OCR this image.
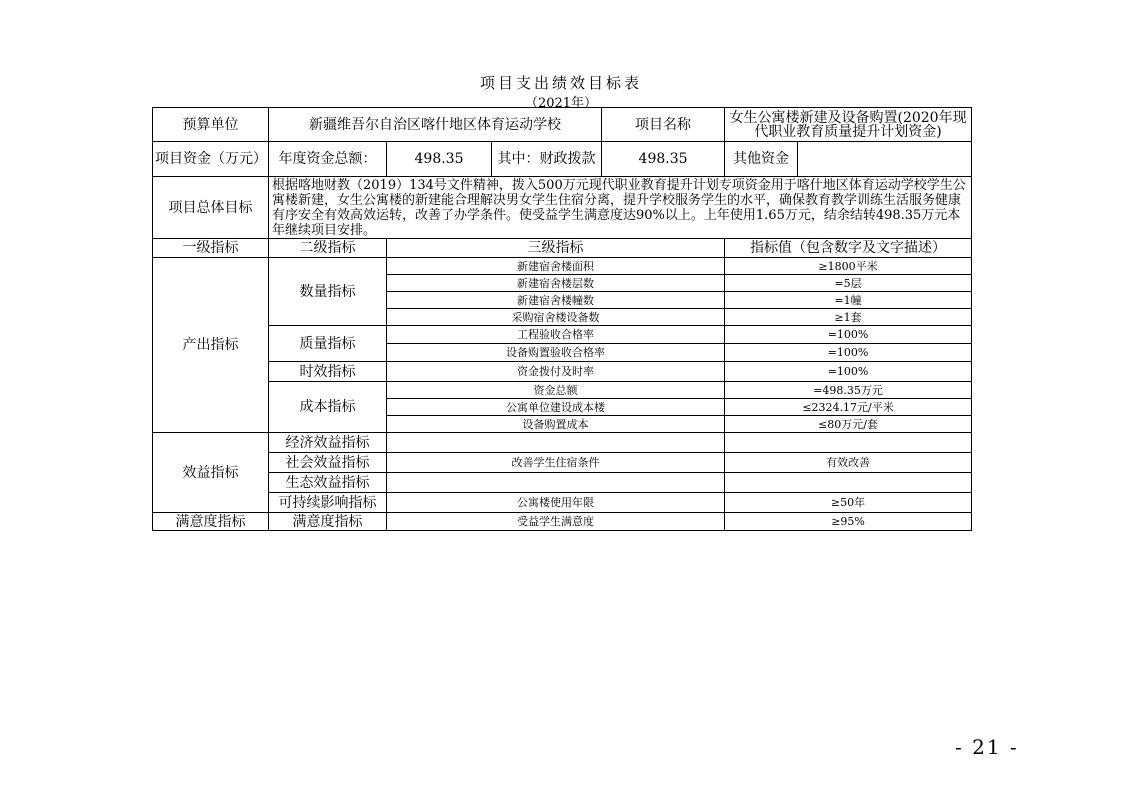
项目支出绩效目标表
（2021年）
预算单位	新疆维吾尔自治区喀什地区体育运动学校			项目名称	女生公寓楼新建及设备购置(2020年现代职业教育质量提升计划资金)	
项目资金（万元）	年度资金总额：	498.35	其中：财政拨款	498.35	其他资金	
项目总体目标	根据喀地财教（2019）134号文件精神，拨入500万元现代职业教育提升计划专项资金用于喀什地区体育运动学校学生公寓楼新建，女生公寓楼的新建能合理解决男女学生住宿分离，提升学校服务学生的水平，确保教育教学训练生活服务健康有序安全有效高效运转，改善了办学条件。使受益学生满意度达90%以上。上年使用1.65万元，结余结转498.35万元本年继续项目安排。					
一级指标	二级指标	三级指标			指标值（包含数字及文字描述）	
产出指标	数量指标	新建宿舍楼面积			≥1800平米	
		新建宿舍楼层数			=5层	
		新建宿舍楼幢数			=1幢	
		采购宿舍楼设备数			≥1套	
	质量指标	工程验收合格率			=100%	
		设备购置验收合格率			=100%	
	时效指标	资金拨付及时率			=100%	
	成本指标	资金总额			=498.35万元	
		公寓单位建设成本楼			≤2324.17元/平米	
		设备购置成本			≤80万元/套	
效益指标	经济效益指标					
	社会效益指标	改善学生住宿条件			有效改善	
	生态效益指标					
	可持续影响指标	公寓楼使用年限			≥50年	
满意度指标	满意度指标	受益学生满意度			≥95%	
- 21 -
